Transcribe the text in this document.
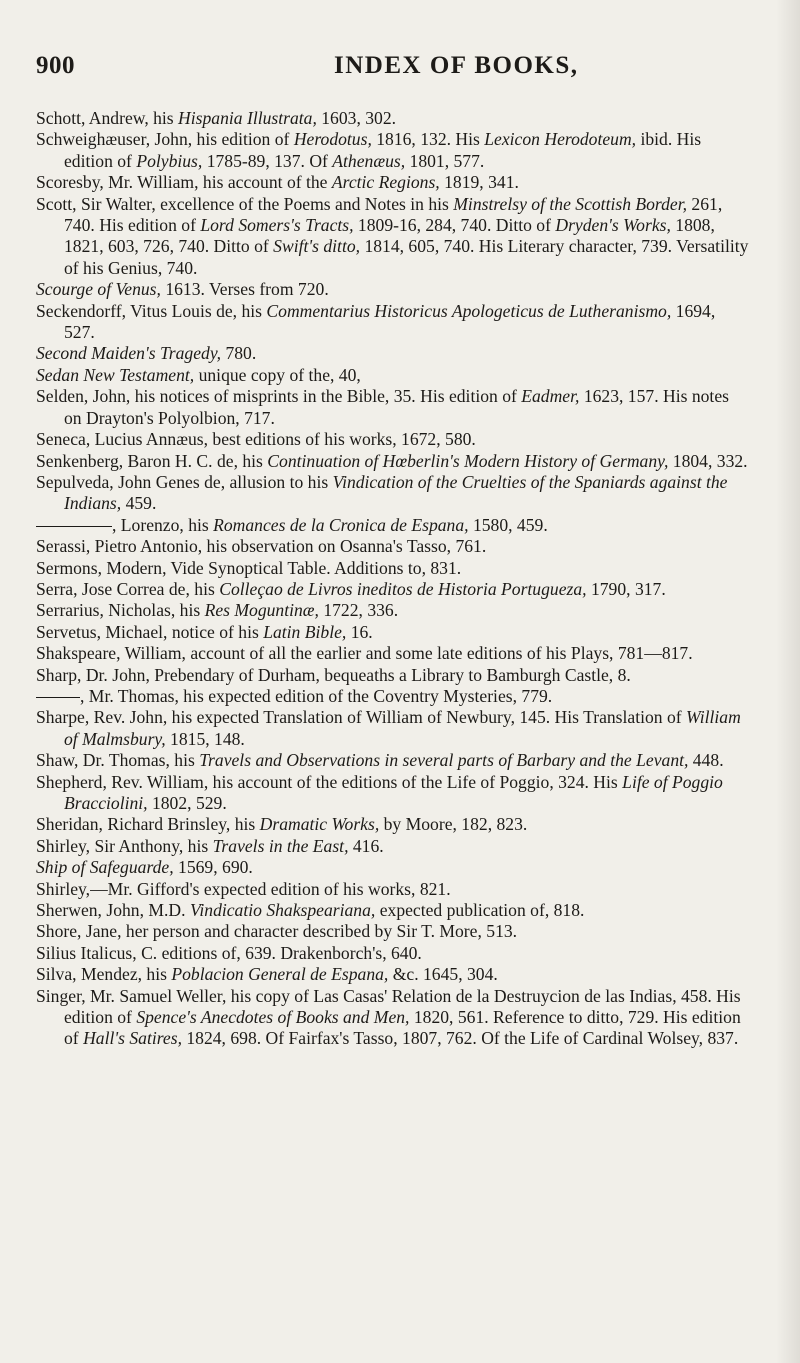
900	INDEX OF BOOKS,

Schott, Andrew, his Hispania Illustrata, 1603, 302.

Schweighæuser, John, his edition of Herodotus, 1816, 132. His Lexicon Herodoteum, ibid. His edition of Polybius, 1785-89, 137. Of Athenæus, 1801, 577.

Scoresby, Mr. William, his account of the Arctic Regions, 1819, 341.

Scott, Sir Walter, excellence of the Poems and Notes in his Minstrelsy of the Scottish Border, 261, 740. His edition of Lord Somers's Tracts, 1809-16, 284, 740. Ditto of Dryden's Works, 1808, 1821, 603, 726, 740. Ditto of Swift's ditto, 1814, 605, 740. His Literary character, 739. Versatility of his Genius, 740.

Scourge of Venus, 1613. Verses from 720.

Seckendorff, Vitus Louis de, his Commentarius Historicus Apologeticus de Lutheranismo, 1694, 527.

Second Maiden's Tragedy, 780.

Sedan New Testament, unique copy of the, 40,

Selden, John, his notices of misprints in the Bible, 35. His edition of Eadmer, 1623, 157. His notes on Drayton's Polyolbion, 717.

Seneca, Lucius Annæus, best editions of his works, 1672, 580.

Senkenberg, Baron H. C. de, his Continuation of Hœberlin's Modern History of Germany, 1804, 332.

Sepulveda, John Genes de, allusion to his Vindication of the Cruelties of the Spaniards against the Indians, 459.

, Lorenzo, his Romances de la Cronica de Espana, 1580, 459.

Serassi, Pietro Antonio, his observation on Osanna's Tasso, 761.

Sermons, Modern, Vide Synoptical Table. Additions to, 831.

Serra, Jose Correa de, his Colleçao de Livros ineditos de Historia Portugueza, 1790, 317.

Serrarius, Nicholas, his Res Moguntinæ, 1722, 336.

Servetus, Michael, notice of his Latin Bible, 16.

Shakspeare, William, account of all the earlier and some late editions of his Plays, 781—817.

Sharp, Dr. John, Prebendary of Durham, bequeaths a Library to Bamburgh Castle, 8.

, Mr. Thomas, his expected edition of the Coventry Mysteries, 779.

Sharpe, Rev. John, his expected Translation of William of Newbury, 145. His Translation of William of Malmsbury, 1815, 148.

Shaw, Dr. Thomas, his Travels and Observations in several parts of Barbary and the Levant, 448.

Shepherd, Rev. William, his account of the editions of the Life of Poggio, 324. His Life of Poggio Bracciolini, 1802, 529.

Sheridan, Richard Brinsley, his Dramatic Works, by Moore, 182, 823.

Shirley, Sir Anthony, his Travels in the East, 416.

Ship of Safeguarde, 1569, 690.

Shirley,—Mr. Gifford's expected edition of his works, 821.

Sherwen, John, M.D. Vindicatio Shakspeariana, expected publication of, 818.

Shore, Jane, her person and character described by Sir T. More, 513.

Silius Italicus, C. editions of, 639. Drakenborch's, 640.

Silva, Mendez, his Poblacion General de Espana, &c. 1645, 304.

Singer, Mr. Samuel Weller, his copy of Las Casas' Relation de la Destruycion de las Indias, 458. His edition of Spence's Anecdotes of Books and Men, 1820, 561. Reference to ditto, 729. His edition of Hall's Satires, 1824, 698. Of Fairfax's Tasso, 1807, 762. Of the Life of Cardinal Wolsey, 837.
